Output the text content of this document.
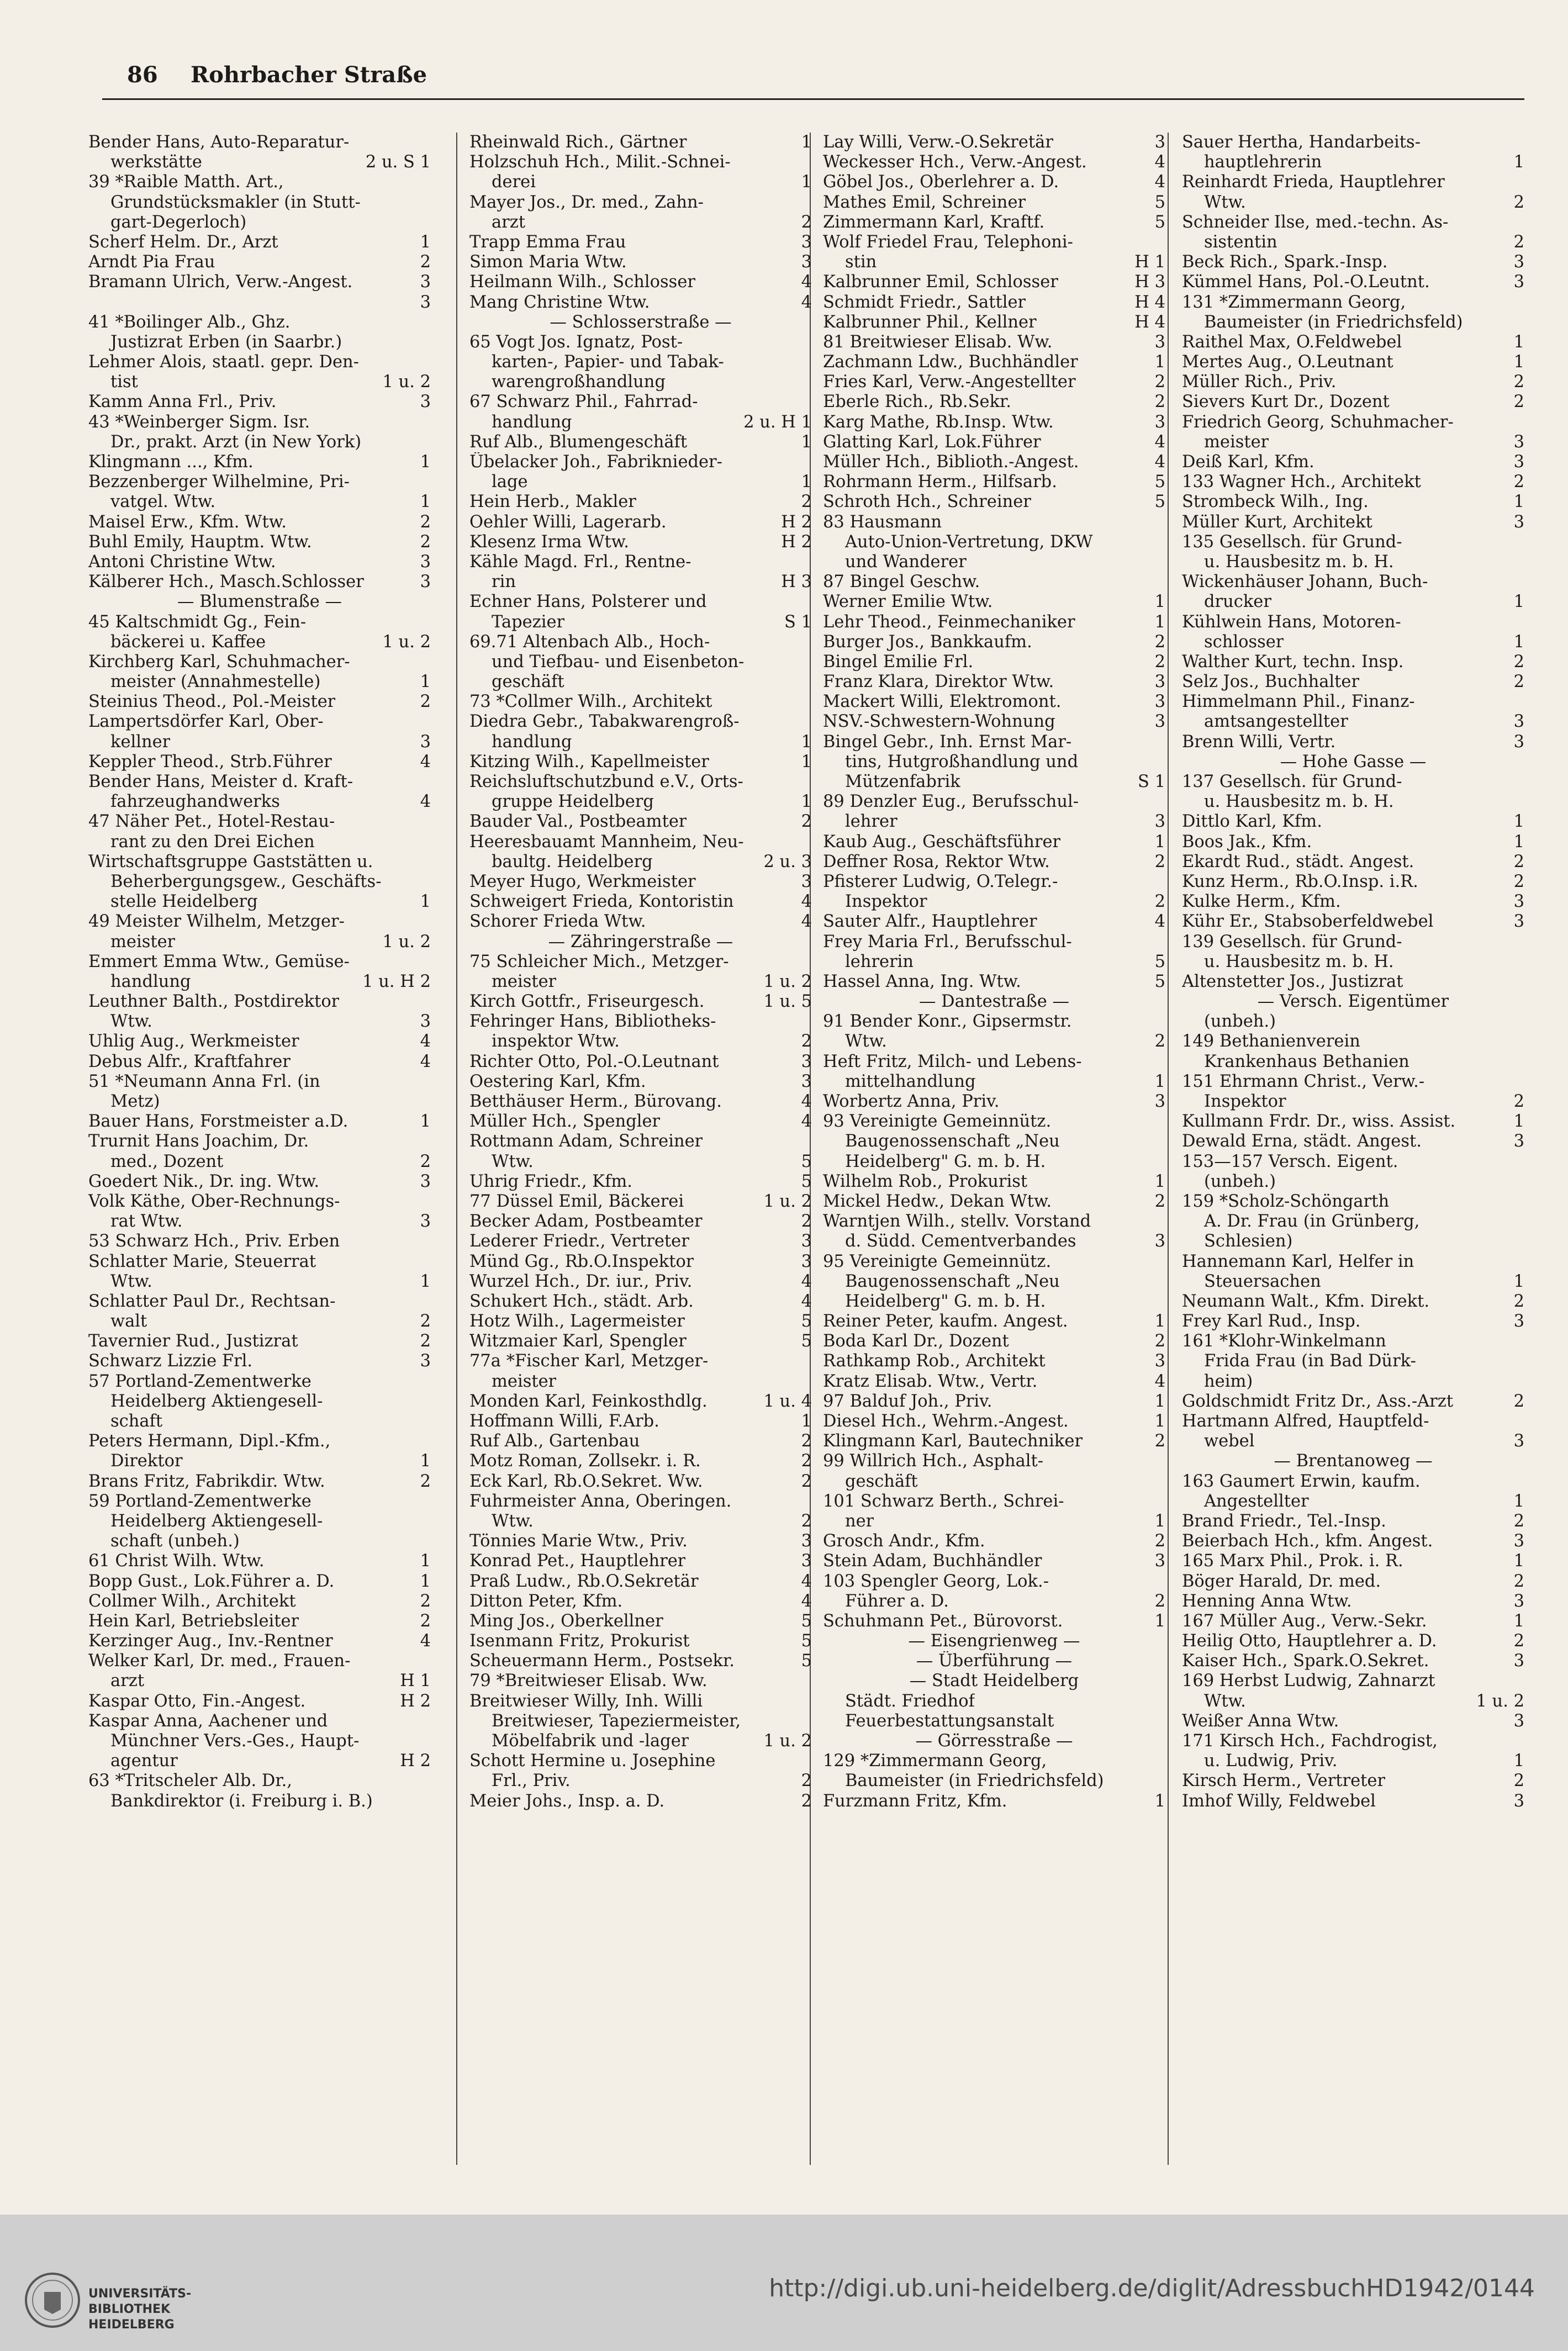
86 Rohrbacher Straße
Bender Hans, Auto-Reparatur-
werkstätte	2 u. S 1
39 *Raible Matth. Art.,
Grundstücksmakler (in Stutt-
gart-Degerloch)
Scherf Helm. Dr., Arzt	1
Arndt Pia Frau	2
Bramann Ulrich, Verw.-Angest.	3
3
41 *Boilinger Alb., Ghz.
Justizrat Erben (in Saarbr.)
Lehmer Alois, staatl. gepr. Den-
tist	1 u. 2
Kamm Anna Frl., Priv.	3
43 *Weinberger Sigm. Isr.
Dr., prakt. Arzt (in New York)
Klingmann ..., Kfm.	1
Bezzenberger Wilhelmine, Pri-
vatgel. Wtw.	1
Maisel Erw., Kfm. Wtw.	2
Buhl Emily, Hauptm. Wtw.	2
Antoni Christine Wtw.	3
Kälberer Hch., Masch.Schlosser	3
— Blumenstraße —
45 Kaltschmidt Gg., Fein-
bäckerei u. Kaffee	1 u. 2
Kirchberg Karl, Schuhmacher-
meister (Annahmestelle)	1
Steinius Theod., Pol.-Meister	2
Lampertsdörfer Karl, Ober-
kellner	3
Keppler Theod., Strb.Führer	4
Bender Hans, Meister d. Kraft-
fahrzeughandwerks	4
47 Näher Pet., Hotel-Restau-
rant zu den Drei Eichen
Wirtschaftsgruppe Gaststätten u.
Beherbergungsgew., Geschäfts-
stelle Heidelberg	1
49 Meister Wilhelm, Metzger-
meister	1 u. 2
Emmert Emma Wtw., Gemüse-
handlung	1 u. H 2
Leuthner Balth., Postdirektor
Wtw.	3
Uhlig Aug., Werkmeister	4
Debus Alfr., Kraftfahrer	4
51 *Neumann Anna Frl. (in
Metz)
Bauer Hans, Forstmeister a.D.	1
Trurnit Hans Joachim, Dr.
med., Dozent	2
Goedert Nik., Dr. ing. Wtw.	3
Volk Käthe, Ober-Rechnungs-
rat Wtw.	3
53 Schwarz Hch., Priv. Erben
Schlatter Marie, Steuerrat
Wtw.	1
Schlatter Paul Dr., Rechtsan-
walt	2
Tavernier Rud., Justizrat	2
Schwarz Lizzie Frl.	3
57 Portland-Zementwerke
Heidelberg Aktiengesell-
schaft
Peters Hermann, Dipl.-Kfm.,
Direktor	1
Brans Fritz, Fabrikdir. Wtw.	2
59 Portland-Zementwerke
Heidelberg Aktiengesell-
schaft (unbeh.)
61 Christ Wilh. Wtw.	1
Bopp Gust., Lok.Führer a. D.	1
Collmer Wilh., Architekt	2
Hein Karl, Betriebsleiter	2
Kerzinger Aug., Inv.-Rentner	4
Welker Karl, Dr. med., Frauen-
arzt	H 1
Kaspar Otto, Fin.-Angest.	H 2
Kaspar Anna, Aachener und
Münchner Vers.-Ges., Haupt-
agentur	H 2
63 *Tritscheler Alb. Dr.,
Bankdirektor (i. Freiburg i. B.)
Rheinwald Rich., Gärtner	1
Holzschuh Hch., Milit.-Schnei-
derei	1
Mayer Jos., Dr. med., Zahn-
arzt	2
Trapp Emma Frau	3
Simon Maria Wtw.	3
Heilmann Wilh., Schlosser	4
Mang Christine Wtw.	4
— Schlosserstraße —
65 Vogt Jos. Ignatz, Post-
karten-, Papier- und Tabak-
warengroßhandlung
67 Schwarz Phil., Fahrrad-
handlung	2 u. H 1
Ruf Alb., Blumengeschäft	1
Übelacker Joh., Fabriknieder-
lage	1
Hein Herb., Makler	2
Oehler Willi, Lagerarb.	H 2
Klesenz Irma Wtw.	H 2
Kähle Magd. Frl., Rentne-
rin	H 3
Echner Hans, Polsterer und
Tapezier	S 1
69.71 Altenbach Alb., Hoch-
und Tiefbau- und Eisenbeton-
geschäft
73 *Collmer Wilh., Architekt
Diedra Gebr., Tabakwarengroß-
handlung	1
Kitzing Wilh., Kapellmeister	1
Reichsluftschutzbund e.V., Orts-
gruppe Heidelberg	1
Bauder Val., Postbeamter	2
Heeresbauamt Mannheim, Neu-
baultg. Heidelberg	2 u. 3
Meyer Hugo, Werkmeister	3
Schweigert Frieda, Kontoristin	4
Schorer Frieda Wtw.	4
— Zähringerstraße —
75 Schleicher Mich., Metzger-
meister	1 u. 2
Kirch Gottfr., Friseurgesch.	1 u. 5
Fehringer Hans, Bibliotheks-
inspektor Wtw.	2
Richter Otto, Pol.-O.Leutnant	3
Oestering Karl, Kfm.	3
Betthäuser Herm., Bürovang.	4
Müller Hch., Spengler	4
Rottmann Adam, Schreiner
Wtw.	5
Uhrig Friedr., Kfm.	5
77 Düssel Emil, Bäckerei	1 u. 2
Becker Adam, Postbeamter	2
Lederer Friedr., Vertreter	3
Münd Gg., Rb.O.Inspektor	3
Wurzel Hch., Dr. iur., Priv.	4
Schukert Hch., städt. Arb.	4
Hotz Wilh., Lagermeister	5
Witzmaier Karl, Spengler	5
77a *Fischer Karl, Metzger-
meister
Monden Karl, Feinkosthdlg.	1 u. 4
Hoffmann Willi, F.Arb.	1
Ruf Alb., Gartenbau	2
Motz Roman, Zollsekr. i. R.	2
Eck Karl, Rb.O.Sekret. Ww.	2
Fuhrmeister Anna, Oberingen.
Wtw.	2
Tönnies Marie Wtw., Priv.	3
Konrad Pet., Hauptlehrer	3
Praß Ludw., Rb.O.Sekretär	4
Ditton Peter, Kfm.	4
Ming Jos., Oberkellner	5
Isenmann Fritz, Prokurist	5
Scheuermann Herm., Postsekr.	5
79 *Breitwieser Elisab. Ww.
Breitwieser Willy, Inh. Willi
Breitwieser, Tapeziermeister,
Möbelfabrik und -lager	1 u. 2
Schott Hermine u. Josephine
Frl., Priv.	2
Meier Johs., Insp. a. D.	2
Lay Willi, Verw.-O.Sekretär	3
Weckesser Hch., Verw.-Angest.	4
Göbel Jos., Oberlehrer a. D.	4
Mathes Emil, Schreiner	5
Zimmermann Karl, Kraftf.	5
Wolf Friedel Frau, Telephoni-
stin	H 1
Kalbrunner Emil, Schlosser	H 3
Schmidt Friedr., Sattler	H 4
Kalbrunner Phil., Kellner	H 4
81 Breitwieser Elisab. Ww.	3
Zachmann Ldw., Buchhändler	1
Fries Karl, Verw.-Angestellter	2
Eberle Rich., Rb.Sekr.	2
Karg Mathe, Rb.Insp. Wtw.	3
Glatting Karl, Lok.Führer	4
Müller Hch., Biblioth.-Angest.	4
Rohrmann Herm., Hilfsarb.	5
Schroth Hch., Schreiner	5
83 Hausmann
Auto-Union-Vertretung, DKW
und Wanderer
87 Bingel Geschw.
Werner Emilie Wtw.	1
Lehr Theod., Feinmechaniker	1
Burger Jos., Bankkaufm.	2
Bingel Emilie Frl.	2
Franz Klara, Direktor Wtw.	3
Mackert Willi, Elektromont.	3
NSV.-Schwestern-Wohnung	3
Bingel Gebr., Inh. Ernst Mar-
tins, Hutgroßhandlung und
Mützenfabrik	S 1
89 Denzler Eug., Berufsschul-
lehrer	3
Kaub Aug., Geschäftsführer	1
Deffner Rosa, Rektor Wtw.	2
Pfisterer Ludwig, O.Telegr.-
Inspektor	2
Sauter Alfr., Hauptlehrer	4
Frey Maria Frl., Berufsschul-
lehrerin	5
Hassel Anna, Ing. Wtw.	5
— Dantestraße —
91 Bender Konr., Gipsermstr.
Wtw.	2
Heft Fritz, Milch- und Lebens-
mittelhandlung	1
Worbertz Anna, Priv.	3
93 Vereinigte Gemeinnütz.
Baugenossenschaft „Neu
Heidelberg" G. m. b. H.
Wilhelm Rob., Prokurist	1
Mickel Hedw., Dekan Wtw.	2
Warntjen Wilh., stellv. Vorstand
d. Südd. Cementverbandes	3
95 Vereinigte Gemeinnütz.
Baugenossenschaft „Neu
Heidelberg" G. m. b. H.
Reiner Peter, kaufm. Angest.	1
Boda Karl Dr., Dozent	2
Rathkamp Rob., Architekt	3
Kratz Elisab. Wtw., Vertr.	4
97 Balduf Joh., Priv.	1
Diesel Hch., Wehrm.-Angest.	1
Klingmann Karl, Bautechniker	2
99 Willrich Hch., Asphalt-
geschäft
101 Schwarz Berth., Schrei-
ner	1
Grosch Andr., Kfm.	2
Stein Adam, Buchhändler	3
103 Spengler Georg, Lok.-
Führer a. D.	2
Schuhmann Pet., Bürovorst.	1
— Eisengrienweg —
— Überführung —
— Stadt Heidelberg
Städt. Friedhof
Feuerbestattungsanstalt
— Görresstraße —
129 *Zimmermann Georg,
Baumeister (in Friedrichsfeld)
Furzmann Fritz, Kfm.	1
Sauer Hertha, Handarbeits-
hauptlehrerin	1
Reinhardt Frieda, Hauptlehrer
Wtw.	2
Schneider Ilse, med.-techn. As-
sistentin	2
Beck Rich., Spark.-Insp.	3
Kümmel Hans, Pol.-O.Leutnt.	3
131 *Zimmermann Georg,
Baumeister (in Friedrichsfeld)
Raithel Max, O.Feldwebel	1
Mertes Aug., O.Leutnant	1
Müller Rich., Priv.	2
Sievers Kurt Dr., Dozent	2
Friedrich Georg, Schuhmacher-
meister	3
Deiß Karl, Kfm.	3
133 Wagner Hch., Architekt	2
Strombeck Wilh., Ing.	1
Müller Kurt, Architekt	3
135 Gesellsch. für Grund-
u. Hausbesitz m. b. H.
Wickenhäuser Johann, Buch-
drucker	1
Kühlwein Hans, Motoren-
schlosser	1
Walther Kurt, techn. Insp.	2
Selz Jos., Buchhalter	2
Himmelmann Phil., Finanz-
amtsangestellter	3
Brenn Willi, Vertr.	3
— Hohe Gasse —
137 Gesellsch. für Grund-
u. Hausbesitz m. b. H.
Dittlo Karl, Kfm.	1
Boos Jak., Kfm.	1
Ekardt Rud., städt. Angest.	2
Kunz Herm., Rb.O.Insp. i.R.	2
Kulke Herm., Kfm.	3
Kühr Er., Stabsoberfeldwebel	3
139 Gesellsch. für Grund-
u. Hausbesitz m. b. H.
Altenstetter Jos., Justizrat
— Versch. Eigentümer
(unbeh.)
149 Bethanienverein
Krankenhaus Bethanien
151 Ehrmann Christ., Verw.-
Inspektor	2
Kullmann Frdr. Dr., wiss. Assist.	1
Dewald Erna, städt. Angest.	3
153—157 Versch. Eigent.
(unbeh.)
159 *Scholz-Schöngarth
A. Dr. Frau (in Grünberg,
Schlesien)
Hannemann Karl, Helfer in
Steuersachen	1
Neumann Walt., Kfm. Direkt.	2
Frey Karl Rud., Insp.	3
161 *Klohr-Winkelmann
Frida Frau (in Bad Dürk-
heim)
Goldschmidt Fritz Dr., Ass.-Arzt	2
Hartmann Alfred, Hauptfeld-
webel	3
— Brentanoweg —
163 Gaumert Erwin, kaufm.
Angestellter	1
Brand Friedr., Tel.-Insp.	2
Beierbach Hch., kfm. Angest.	3
165 Marx Phil., Prok. i. R.	1
Böger Harald, Dr. med.	2
Henning Anna Wtw.	3
167 Müller Aug., Verw.-Sekr.	1
Heilig Otto, Hauptlehrer a. D.	2
Kaiser Hch., Spark.O.Sekret.	3
169 Herbst Ludwig, Zahnarzt
Wtw.	1 u. 2
Weißer Anna Wtw.	3
171 Kirsch Hch., Fachdrogist,
u. Ludwig, Priv.	1
Kirsch Herm., Vertreter	2
Imhof Willy, Feldwebel	3
UNIVERSITÄTS-
BIBLIOTHEK
HEIDELBERG
http://digi.ub.uni-heidelberg.de/diglit/AdressbuchHD1942/0144
